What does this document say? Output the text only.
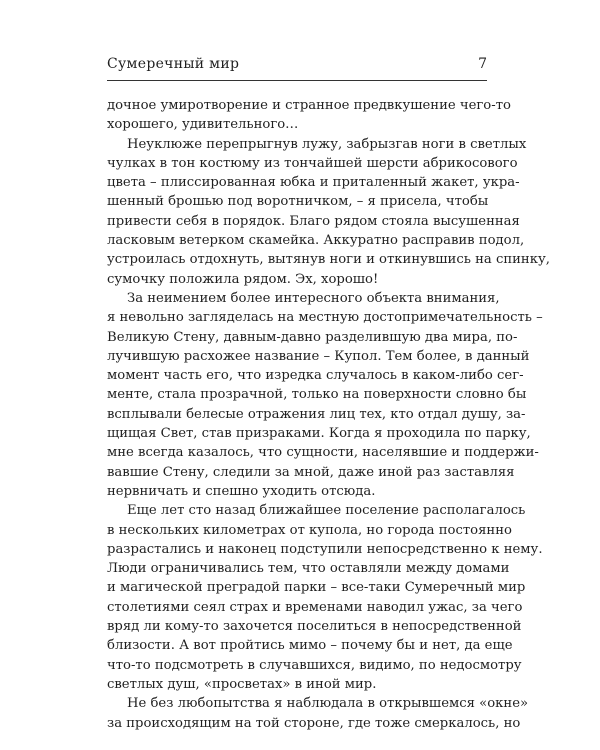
Сумеречный мир	7
дочное умиротворение и странное предвкушение чего-то
хорошего, удивительного…
Неуклюже перепрыгнув лужу, забрызгав ноги в светлых
чулках в тон костюму из тончайшей шерсти абрикосового
цвета – плиссированная юбка и приталенный жакет, укра-
шенный брошью под воротничком, – я присела, чтобы
привести себя в порядок. Благо рядом стояла высушенная
ласковым ветерком скамейка. Аккуратно расправив подол,
устроилась отдохнуть, вытянув ноги и откинувшись на спинку,
сумочку положила рядом. Эх, хорошо!
За неимением более интересного объекта внимания,
я невольно загляделась на местную достопримечательность –
Великую Стену, давным-давно разделившую два мира, по-
лучившую расхожее название – Купол. Тем более, в данный
момент часть его, что изредка случалось в каком-либо сег-
менте, стала прозрачной, только на поверхности словно бы
всплывали белесые отражения лиц тех, кто отдал душу, за-
щищая Свет, став призраками. Когда я проходила по парку,
мне всегда казалось, что сущности, населявшие и поддержи-
вавшие Стену, следили за мной, даже иной раз заставляя
нервничать и спешно уходить отсюда.
Еще лет сто назад ближайшее поселение располагалось
в нескольких километрах от купола, но города постоянно
разрастались и наконец подступили непосредственно к нему.
Люди ограничивались тем, что оставляли между домами
и магической преградой парки – все-таки Сумеречный мир
столетиями сеял страх и временами наводил ужас, за чего
вряд ли кому-то захочется поселиться в непосредственной
близости. А вот пройтись мимо – почему бы и нет, да еще
что-то подсмотреть в случавшихся, видимо, по недосмотру
светлых душ, «просветах» в иной мир.
Не без любопытства я наблюдала в открывшемся «окне»
за происходящим на той стороне, где тоже смеркалось, но
